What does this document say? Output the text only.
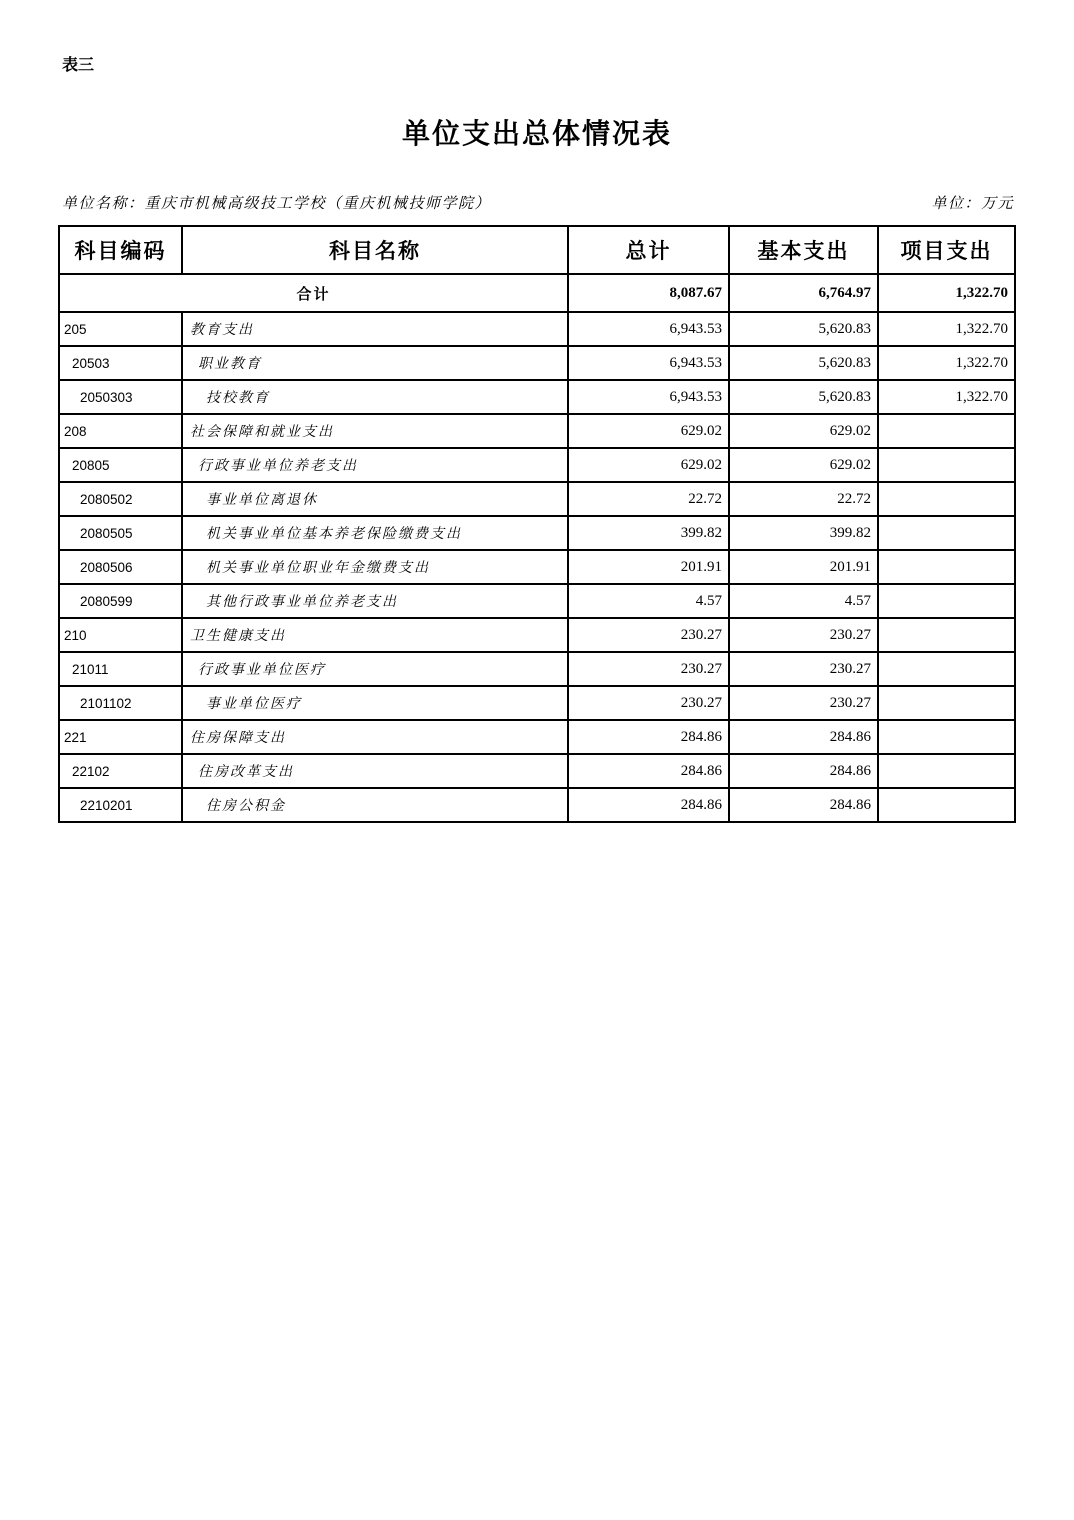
表三
单位支出总体情况表
单位名称：重庆市机械高级技工学校（重庆机械技师学院）	单位：万元
科目编码	科目名称	总计	基本支出	项目支出
合计		8,087.67	6,764.97	1,322.70
205	教育支出	6,943.53	5,620.83	1,322.70
20503	职业教育	6,943.53	5,620.83	1,322.70
2050303	技校教育	6,943.53	5,620.83	1,322.70
208	社会保障和就业支出	629.02	629.02	
20805	行政事业单位养老支出	629.02	629.02	
2080502	事业单位离退休	22.72	22.72	
2080505	机关事业单位基本养老保险缴费支出	399.82	399.82	
2080506	机关事业单位职业年金缴费支出	201.91	201.91	
2080599	其他行政事业单位养老支出	4.57	4.57	
210	卫生健康支出	230.27	230.27	
21011	行政事业单位医疗	230.27	230.27	
2101102	事业单位医疗	230.27	230.27	
221	住房保障支出	284.86	284.86	
22102	住房改革支出	284.86	284.86	
2210201	住房公积金	284.86	284.86	
